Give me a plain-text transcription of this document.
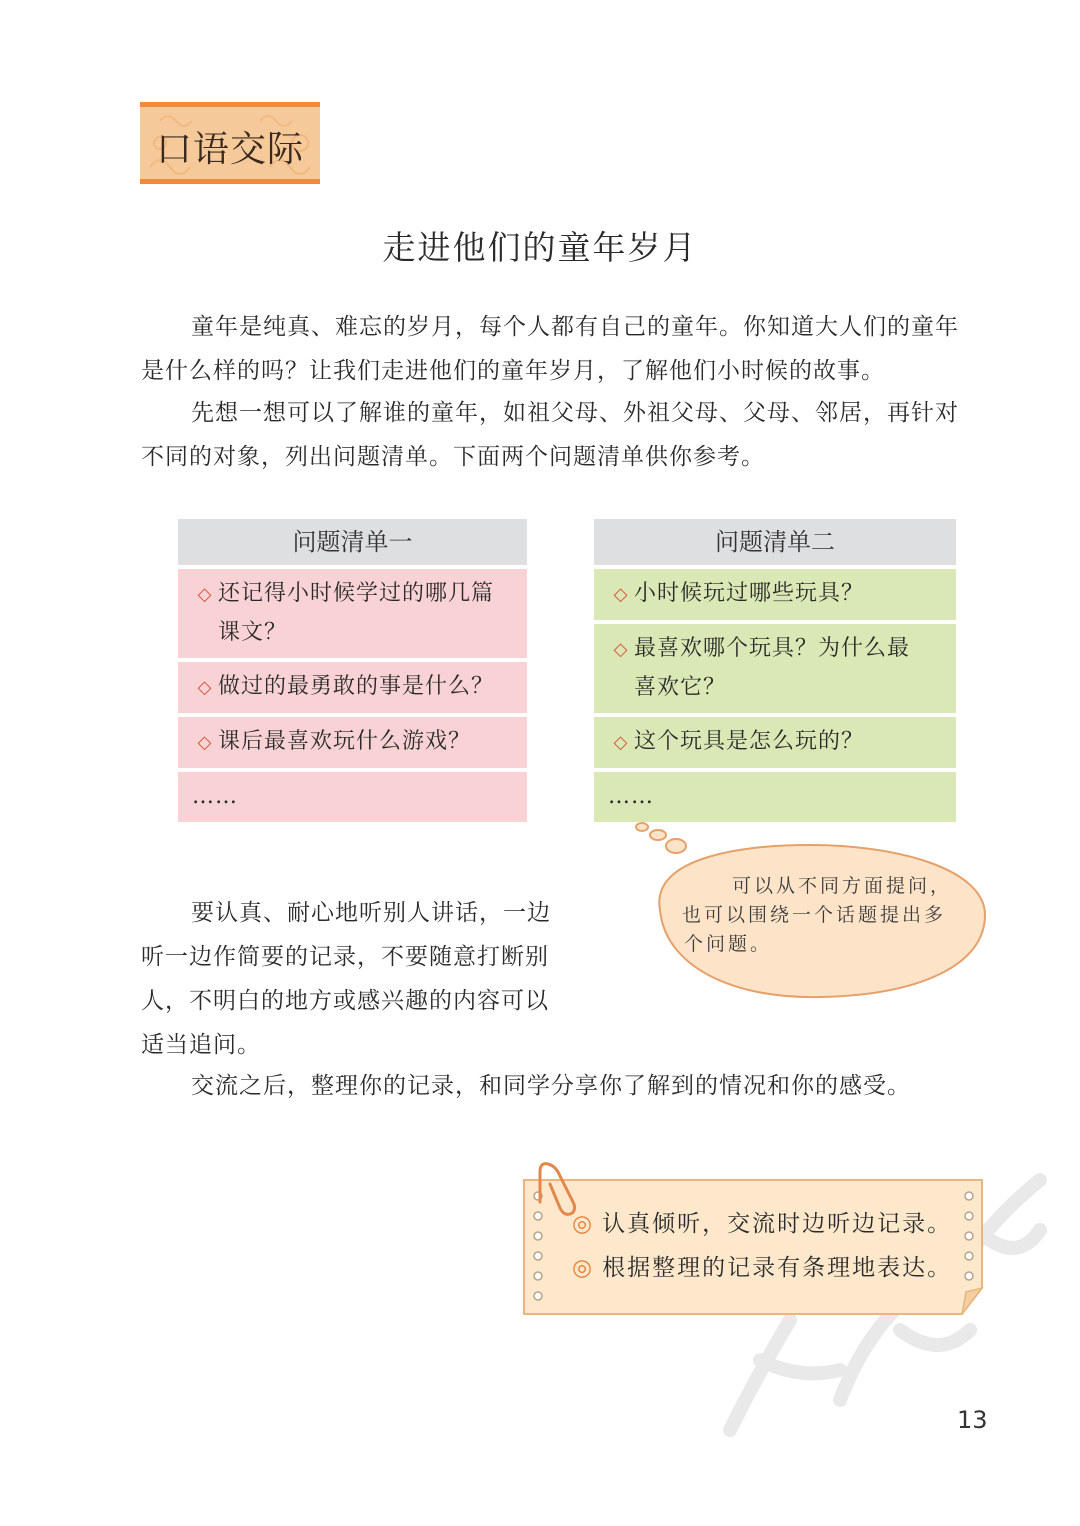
口语交际
走进他们的童年岁月
童年是纯真、难忘的岁月，每个人都有自己的童年。你知道大人们的童年
是什么样的吗？让我们走进他们的童年岁月，了解他们小时候的故事。
先想一想可以了解谁的童年，如祖父母、外祖父母、父母、邻居，再针对
不同的对象，列出问题清单。下面两个问题清单供你参考。
问题清单一
◇ 还记得小时候学过的哪几篇
课文？
◇ 做过的最勇敢的事是什么？
◇ 课后最喜欢玩什么游戏？
……
问题清单二
◇ 小时候玩过哪些玩具？
◇ 最喜欢哪个玩具？为什么最
喜欢它？
◇ 这个玩具是怎么玩的？
……
可以从不同方面提问，
也可以围绕一个话题提出多
个问题。
要认真、耐心地听别人讲话，一边
听一边作简要的记录，不要随意打断别
人，不明白的地方或感兴趣的内容可以
适当追问。
交流之后，整理你的记录，和同学分享你了解到的情况和你的感受。
◎ 认真倾听，交流时边听边记录。
◎ 根据整理的记录有条理地表达。
13
